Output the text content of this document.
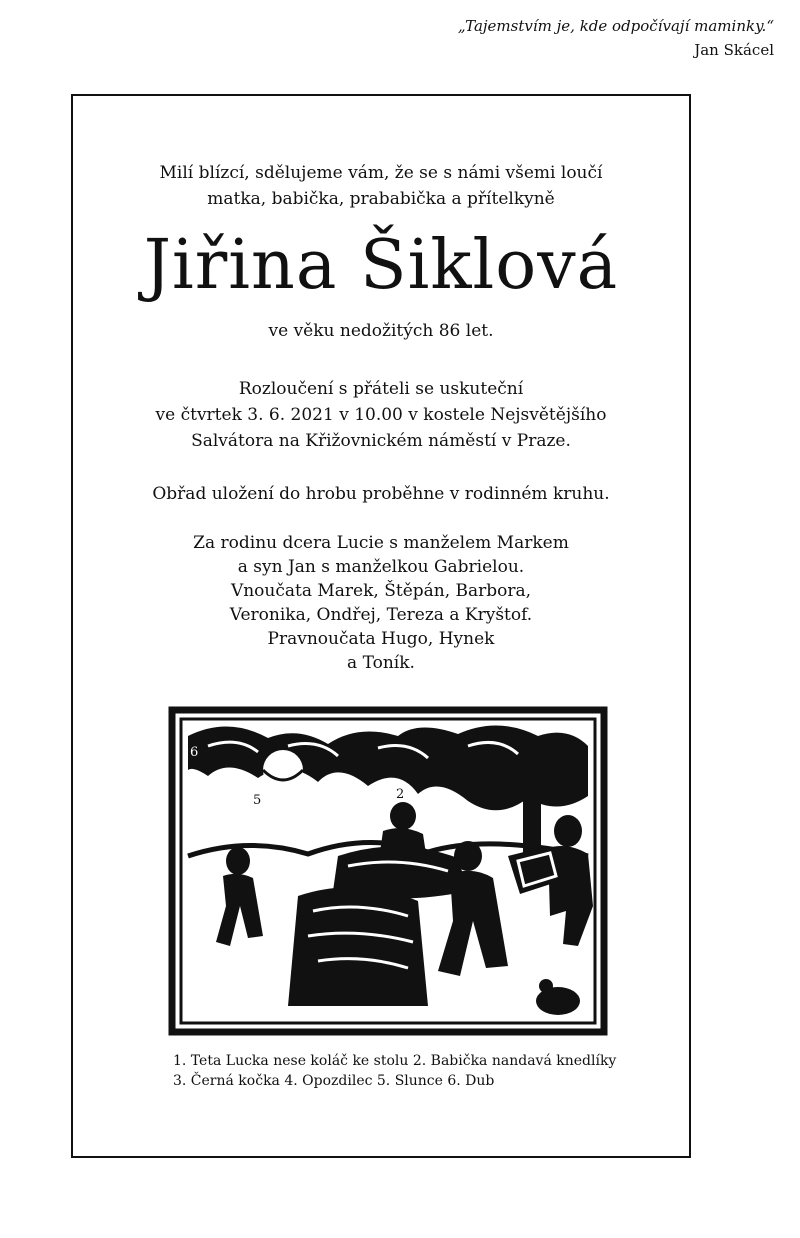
„Tajemstvím je, kde odpočívají maminky.“
Jan Skácel
Milí blízcí, sdělujeme vám, že se s námi všemi loučí
matka, babička, prababička a přítelkyně
Jiřina Šiklová
ve věku nedožitých 86 let.
Rozloučení s přáteli se uskuteční
ve čtvrtek 3. 6. 2021 v 10.00 v kostele Nejsvětějšího
Salvátora na Křižovnickém náměstí v Praze.
Obřad uložení do hrobu proběhne v rodinném kruhu.
Za rodinu dcera Lucie s manželem Markem
a syn Jan s manželkou Gabrielou.
Vnoučata Marek, Štěpán, Barbora,
Veronika, Ondřej, Tereza a Kryštof.
Pravnoučata Hugo, Hynek
a Toník.
6
5	2
4
1
3
1. Teta Lucka nese koláč ke stolu 2. Babička nandavá knedlíky
3. Černá kočka 4. Opozdilec 5. Slunce 6. Dub
